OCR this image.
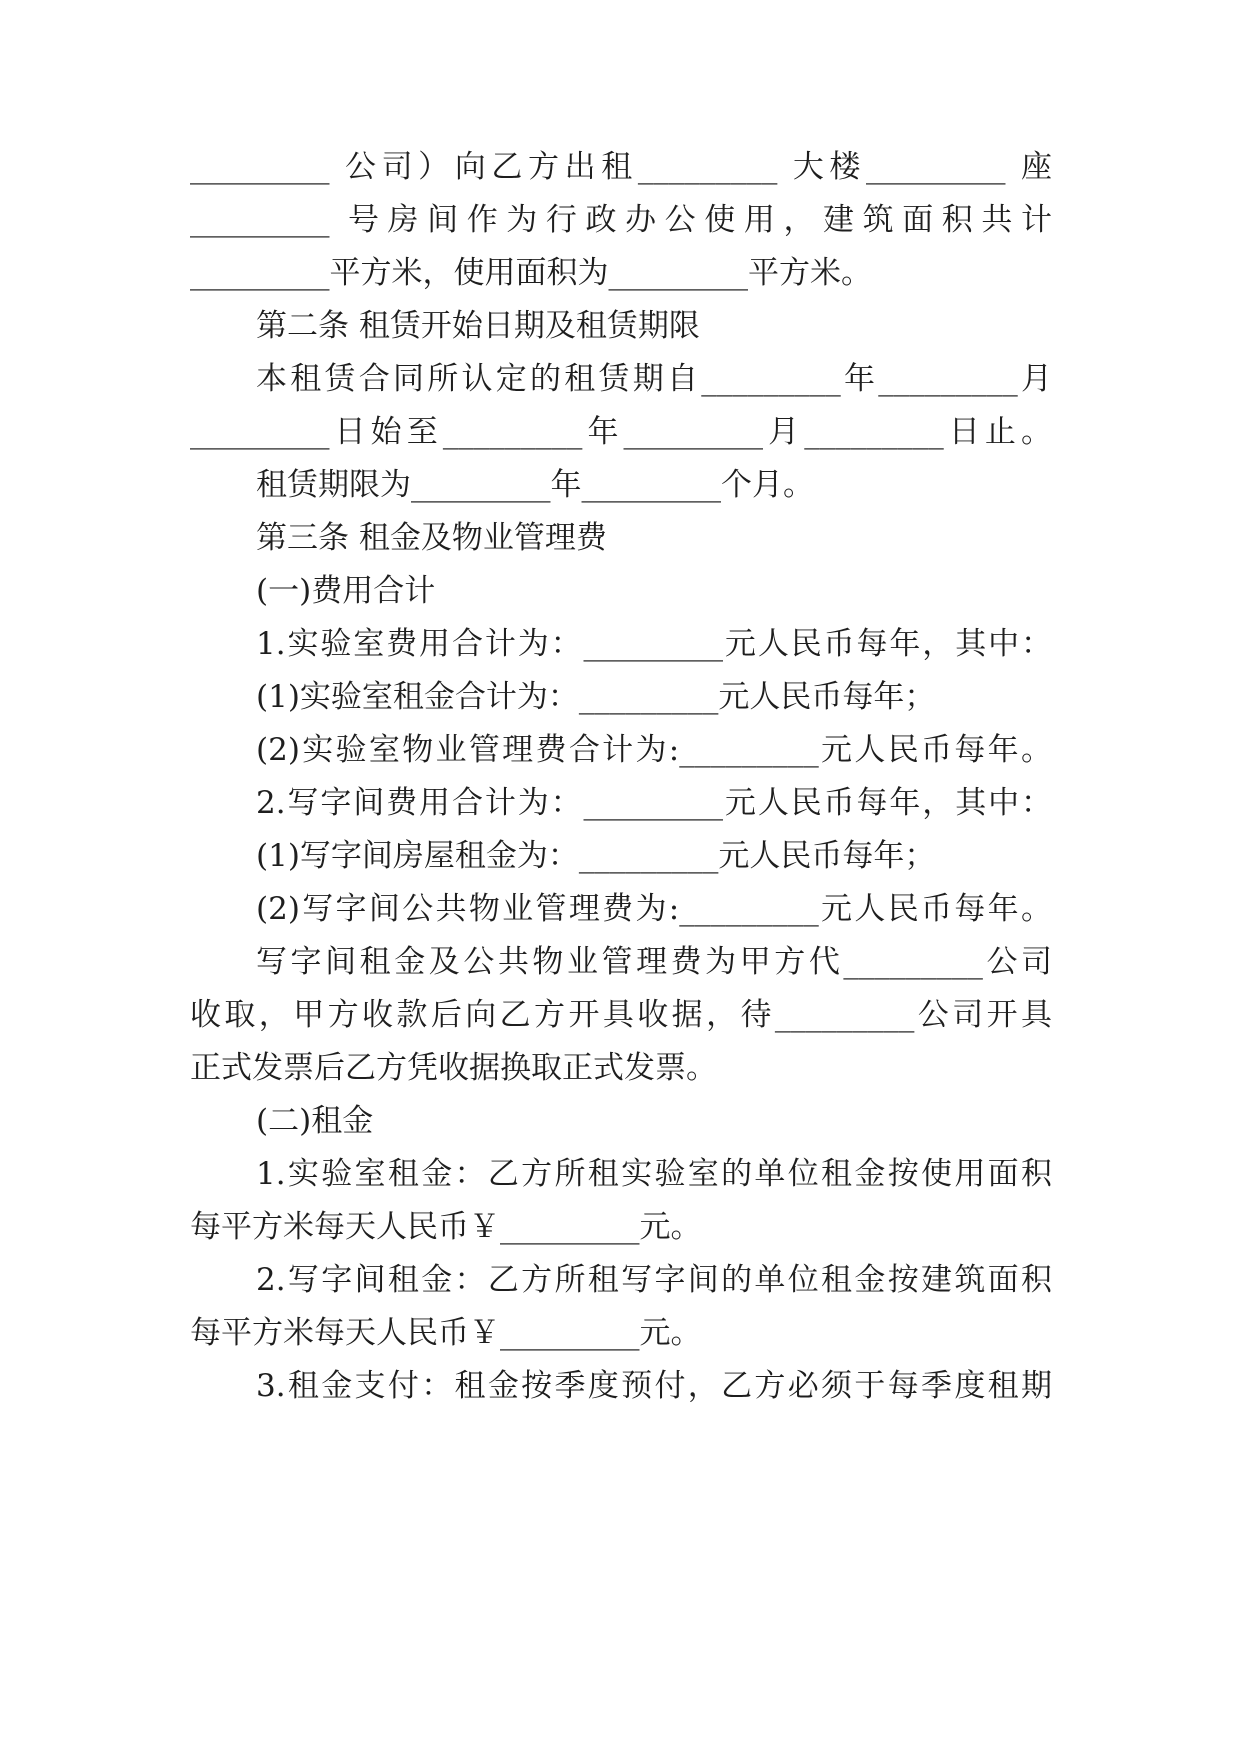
_________ 公司）向乙方出租_________ 大楼_________ 座
_________ 号房间作为行政办公使用，建筑面积共计
_________平方米，使用面积为_________平方米。
第二条 租赁开始日期及租赁期限
本租赁合同所认定的租赁期自_________年_________月
_________日始至_________年_________月_________日止。
租赁期限为_________年_________个月。
第三条 租金及物业管理费
(一)费用合计
1.实验室费用合计为：_________元人民币每年，其中：
(1)实验室租金合计为：_________元人民币每年；
(2)实验室物业管理费合计为:_________元人民币每年。
2.写字间费用合计为：_________元人民币每年，其中：
(1)写字间房屋租金为：_________元人民币每年；
(2)写字间公共物业管理费为:_________元人民币每年。
写字间租金及公共物业管理费为甲方代_________公司
收取，甲方收款后向乙方开具收据，待_________公司开具
正式发票后乙方凭收据换取正式发票。
(二)租金
1.实验室租金：乙方所租实验室的单位租金按使用面积
每平方米每天人民币￥_________元。
2.写字间租金：乙方所租写字间的单位租金按建筑面积
每平方米每天人民币￥_________元。
3.租金支付：租金按季度预付，乙方必须于每季度租期
